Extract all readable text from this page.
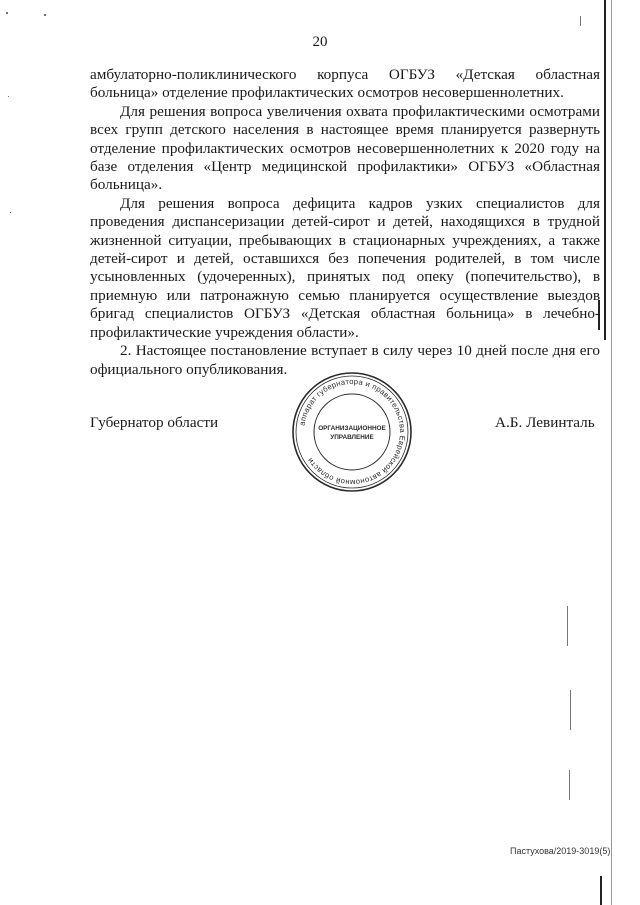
20

амбулаторно-поликлинического корпуса ОГБУЗ «Детская областная больница» отделение профилактических осмотров несовершеннолетних.

Для решения вопроса увеличения охвата профилактическими осмотрами всех групп детского населения в настоящее время планируется развернуть отделение профилактических осмотров несовершеннолетних к 2020 году на базе отделения «Центр медицинской профилактики» ОГБУЗ «Областная больница».

Для решения вопроса дефицита кадров узких специалистов для проведения диспансеризации детей-сирот и детей, находящихся в трудной жизненной ситуации, пребывающих в стационарных учреждениях, а также детей-сирот и детей, оставшихся без попечения родителей, в том числе усыновленных (удочеренных), принятых под опеку (попечительство), в приемную или патронажную семью планируется осуществление выездов бригад специалистов ОГБУЗ «Детская областная больница» в лечебно-профилактические учреждения области».

2. Настоящее постановление вступает в силу через 10 дней после дня его официального опубликования.

Губернатор области	А.Б. Левинталь
аппарат губернатора и правительства Еврейской автономной области
ОРГАНИЗАЦИОННОЕ
УПРАВЛЕНИЕ
Пастухова/2019-3019(5)
